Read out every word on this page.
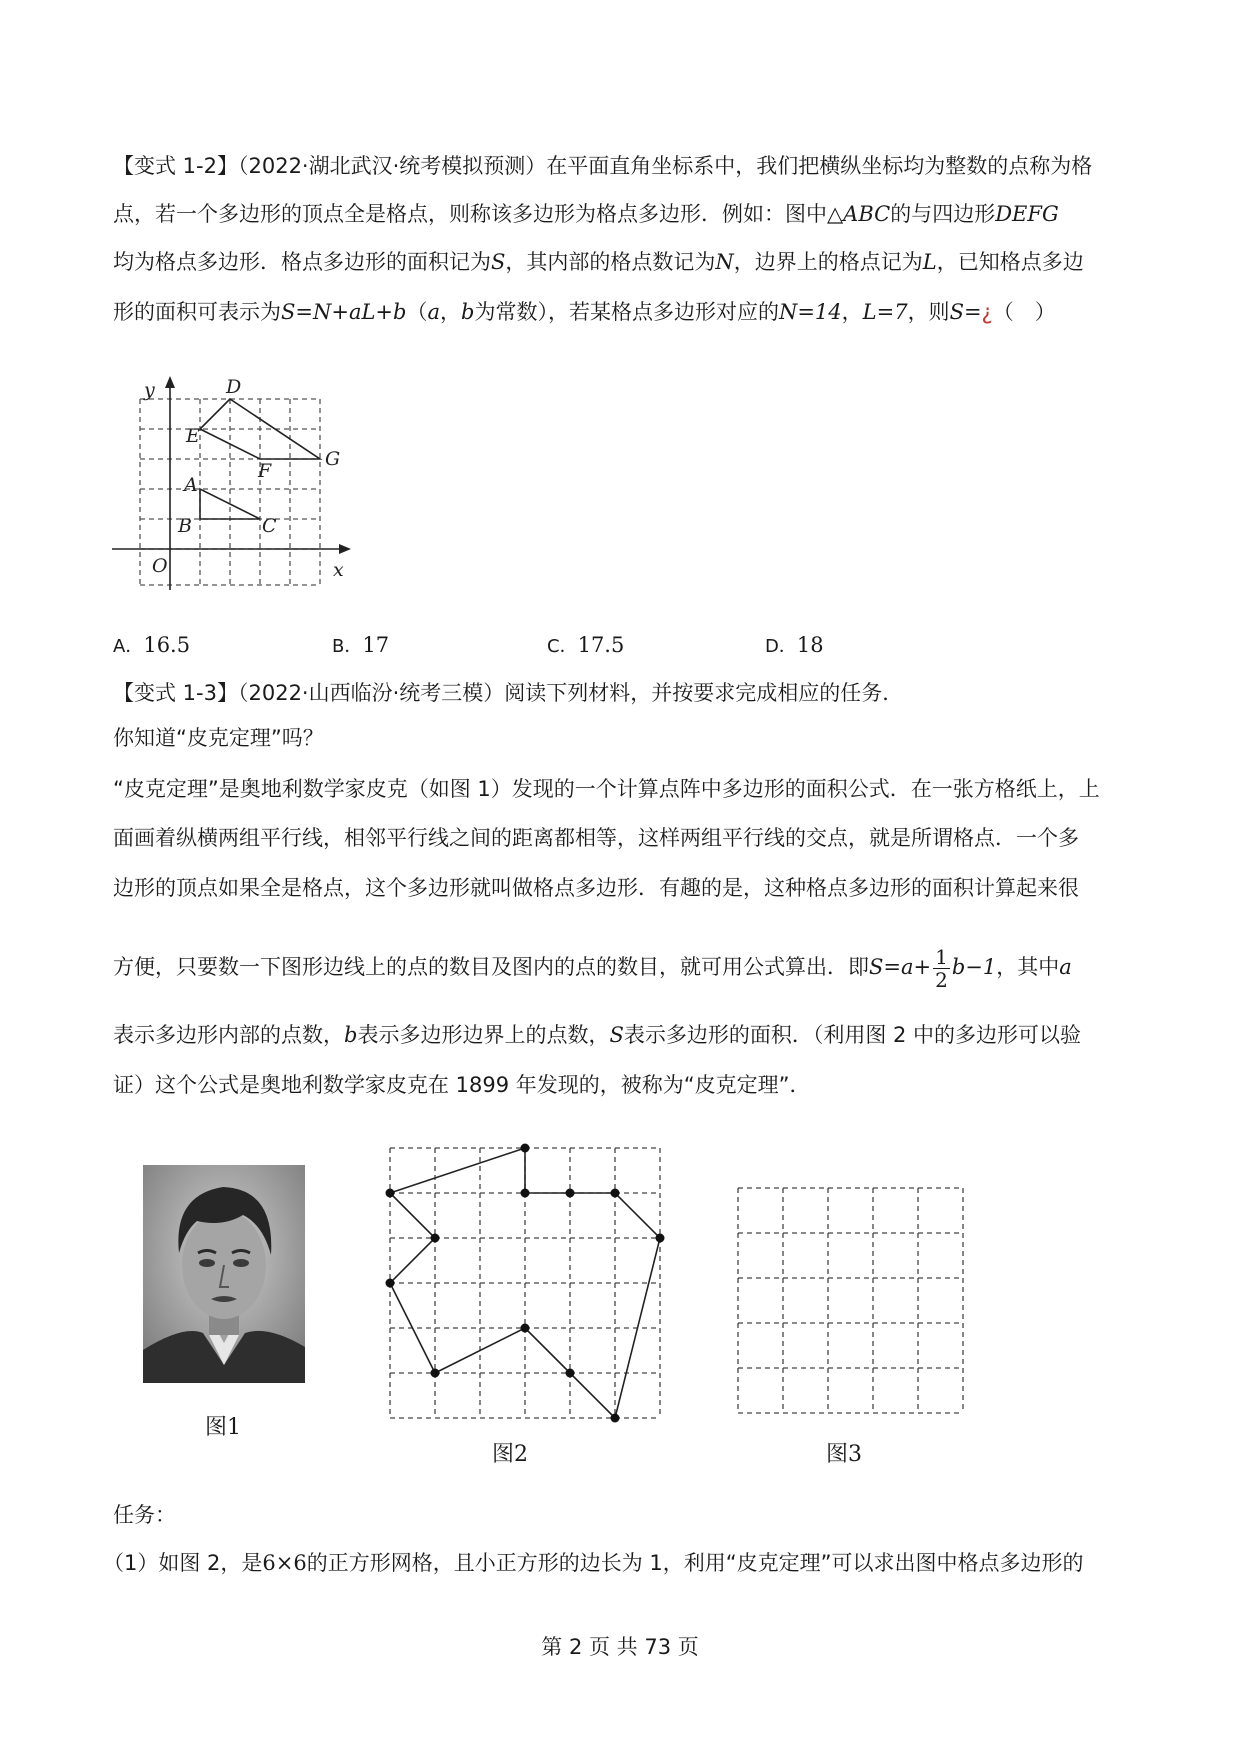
【变式 1-2】（2022·湖北武汉·统考模拟预测）在平面直角坐标系中，我们把横纵坐标均为整数的点称为格
点，若一个多边形的顶点全是格点，则称该多边形为格点多边形．例如：图中△ABC的与四边形DEFG
均为格点多边形．格点多边形的面积记为S，其内部的格点数记为N，边界上的格点记为L，已知格点多边
形的面积可表示为S=N+aL+b（a，b为常数），若某格点多边形对应的N=14，L=7，则S=¿（　）
y
x
O
A
B	C
D
E
F
G
A．16.5	B．17	C．17.5	D．18
【变式 1-3】（2022·山西临汾·统考三模）阅读下列材料，并按要求完成相应的任务．
你知道“皮克定理”吗？
“皮克定理”是奥地利数学家皮克（如图 1）发现的一个计算点阵中多边形的面积公式．在一张方格纸上，上
面画着纵横两组平行线，相邻平行线之间的距离都相等，这样两组平行线的交点，就是所谓格点．一个多
边形的顶点如果全是格点，这个多边形就叫做格点多边形．有趣的是，这种格点多边形的面积计算起来很
方便，只要数一下图形边线上的点的数目及图内的点的数目，就可用公式算出．即$S=a+ \frac{1}{2} b-1$，其中a
表示多边形内部的点数，b表示多边形边界上的点数，S表示多边形的面积．（利用图 2 中的多边形可以验
证）这个公式是奥地利数学家皮克在 1899 年发现的，被称为“皮克定理”．
图1
图2	图3
任务：
（1）如图 2，是6×6的正方形网格，且小正方形的边长为 1，利用“皮克定理”可以求出图中格点多边形的
第 2 页 共 73 页
